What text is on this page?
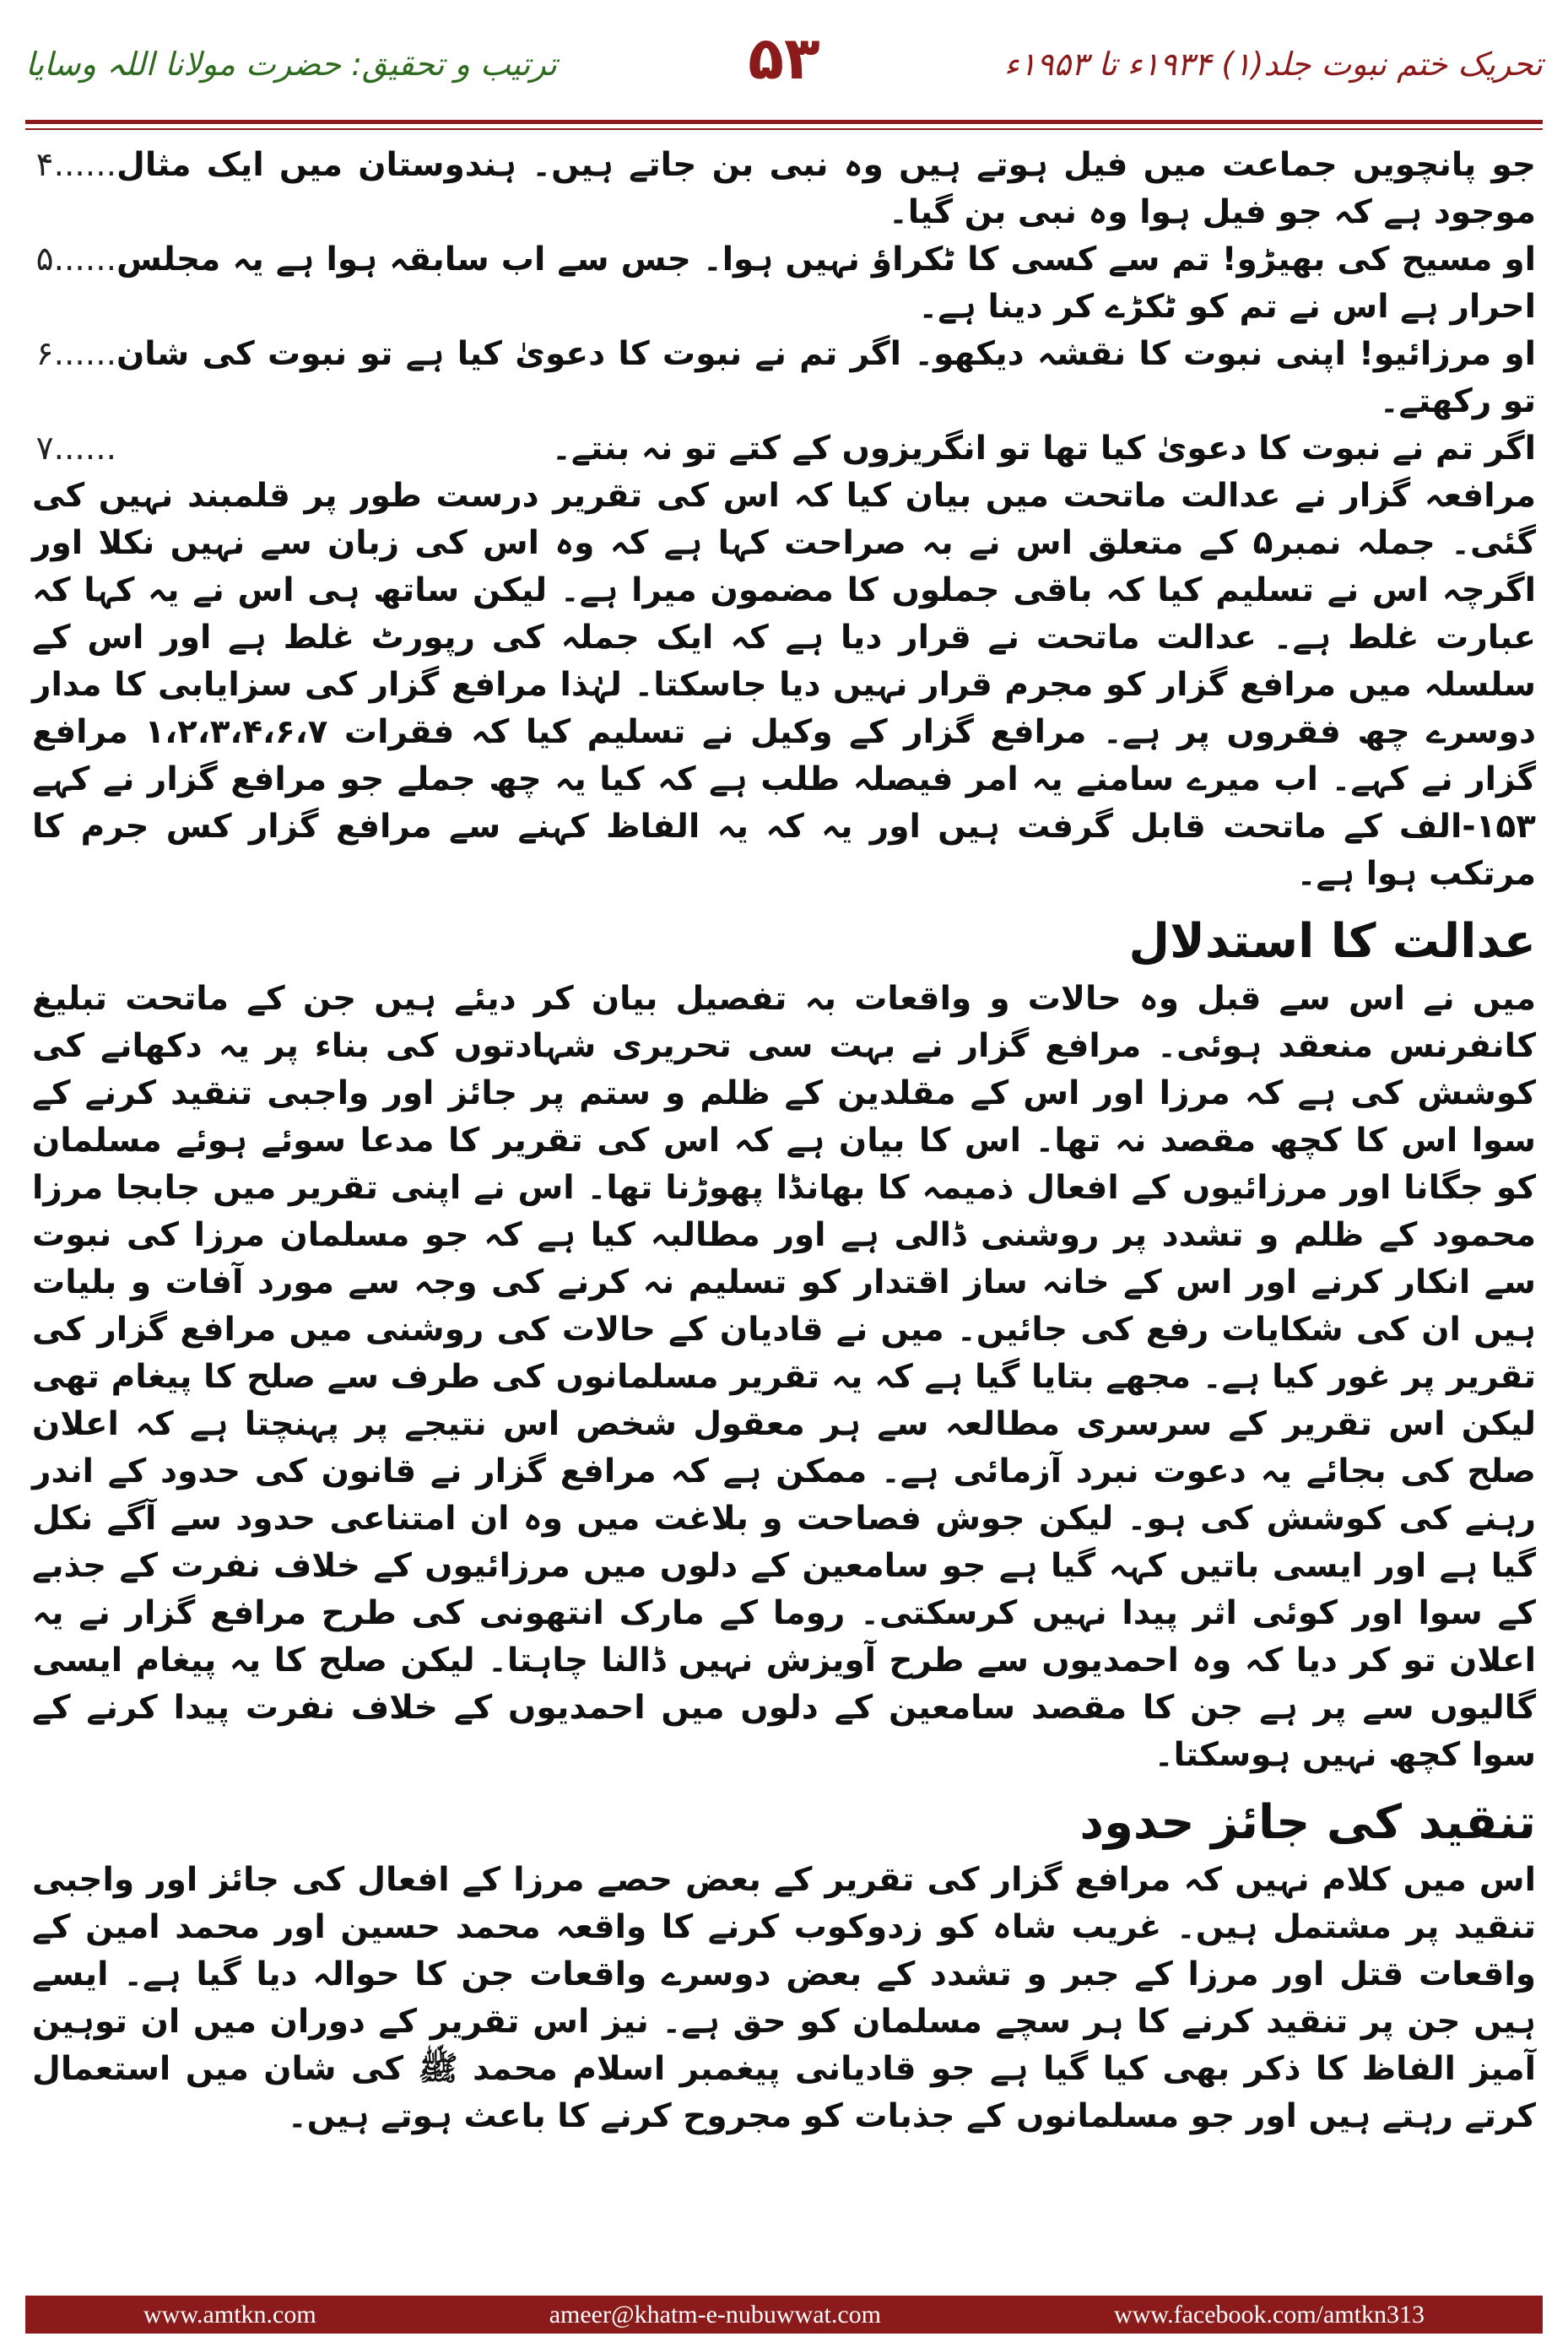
تحریک ختم نبوت جلد(۱) ۱۹۳۴ء تا ۱۹۵۳ء
۵۳
ترتیب و تحقیق: حضرت مولانا اللہ وسایا
جو پانچویں جماعت میں فیل ہوتے ہیں وہ نبی بن جاتے ہیں۔ ہندوستان میں ایک مثال موجود ہے کہ جو فیل ہوا وہ نبی بن گیا۔
۴......
او مسیح کی بھیڑو! تم سے کسی کا ٹکراؤ نہیں ہوا۔ جس سے اب سابقہ ہوا ہے یہ مجلس احرار ہے اس نے تم کو ٹکڑے کر دینا ہے۔
۵......
او مرزائیو! اپنی نبوت کا نقشہ دیکھو۔ اگر تم نے نبوت کا دعویٰ کیا ہے تو نبوت کی شان تو رکھتے۔
۶......
اگر تم نے نبوت کا دعویٰ کیا تھا تو انگریزوں کے کتے تو نہ بنتے۔
۷......

مرافعہ گزار نے عدالت ماتحت میں بیان کیا کہ اس کی تقریر درست طور پر قلمبند نہیں کی گئی۔ جملہ نمبر۵ کے متعلق اس نے بہ صراحت کہا ہے کہ وہ اس کی زبان سے نہیں نکلا اور اگرچہ اس نے تسلیم کیا کہ باقی جملوں کا مضمون میرا ہے۔ لیکن ساتھ ہی اس نے یہ کہا کہ عبارت غلط ہے۔ عدالت ماتحت نے قرار دیا ہے کہ ایک جملہ کی رپورٹ غلط ہے اور اس کے سلسلہ میں مرافع گزار کو مجرم قرار نہیں دیا جاسکتا۔ لہٰذا مرافع گزار کی سزایابی کا مدار دوسرے چھ فقروں پر ہے۔ مرافع گزار کے وکیل نے تسلیم کیا کہ فقرات ۱،۲،۳،۴،۶،۷ مرافع گزار نے کہے۔ اب میرے سامنے یہ امر فیصلہ طلب ہے کہ کیا یہ چھ جملے جو مرافع گزار نے کہے ۱۵۳-الف کے ماتحت قابل گرفت ہیں اور یہ کہ یہ الفاظ کہنے سے مرافع گزار کس جرم کا مرتکب ہوا ہے۔

عدالت کا استدلال

میں نے اس سے قبل وہ حالات و واقعات بہ تفصیل بیان کر دیئے ہیں جن کے ماتحت تبلیغ کانفرنس منعقد ہوئی۔ مرافع گزار نے بہت سی تحریری شہادتوں کی بناء پر یہ دکھانے کی کوشش کی ہے کہ مرزا اور اس کے مقلدین کے ظلم و ستم پر جائز اور واجبی تنقید کرنے کے سوا اس کا کچھ مقصد نہ تھا۔ اس کا بیان ہے کہ اس کی تقریر کا مدعا سوئے ہوئے مسلمان کو جگانا اور مرزائیوں کے افعال ذمیمہ کا بھانڈا پھوڑنا تھا۔ اس نے اپنی تقریر میں جابجا مرزا محمود کے ظلم و تشدد پر روشنی ڈالی ہے اور مطالبہ کیا ہے کہ جو مسلمان مرزا کی نبوت سے انکار کرنے اور اس کے خانہ ساز اقتدار کو تسلیم نہ کرنے کی وجہ سے مورد آفات و بلیات ہیں ان کی شکایات رفع کی جائیں۔ میں نے قادیان کے حالات کی روشنی میں مرافع گزار کی تقریر پر غور کیا ہے۔ مجھے بتایا گیا ہے کہ یہ تقریر مسلمانوں کی طرف سے صلح کا پیغام تھی لیکن اس تقریر کے سرسری مطالعہ سے ہر معقول شخص اس نتیجے پر پہنچتا ہے کہ اعلان صلح کی بجائے یہ دعوت نبرد آزمائی ہے۔ ممکن ہے کہ مرافع گزار نے قانون کی حدود کے اندر رہنے کی کوشش کی ہو۔ لیکن جوش فصاحت و بلاغت میں وہ ان امتناعی حدود سے آگے نکل گیا ہے اور ایسی باتیں کہہ گیا ہے جو سامعین کے دلوں میں مرزائیوں کے خلاف نفرت کے جذبے کے سوا اور کوئی اثر پیدا نہیں کرسکتی۔ روما کے مارک انتھونی کی طرح مرافع گزار نے یہ اعلان تو کر دیا کہ وہ احمدیوں سے طرح آویزش نہیں ڈالنا چاہتا۔ لیکن صلح کا یہ پیغام ایسی گالیوں سے پر ہے جن کا مقصد سامعین کے دلوں میں احمدیوں کے خلاف نفرت پیدا کرنے کے سوا کچھ نہیں ہوسکتا۔

تنقید کی جائز حدود

اس میں کلام نہیں کہ مرافع گزار کی تقریر کے بعض حصے مرزا کے افعال کی جائز اور واجبی تنقید پر مشتمل ہیں۔ غریب شاہ کو زدوکوب کرنے کا واقعہ محمد حسین اور محمد امین کے واقعات قتل اور مرزا کے جبر و تشدد کے بعض دوسرے واقعات جن کا حوالہ دیا گیا ہے۔ ایسے ہیں جن پر تنقید کرنے کا ہر سچے مسلمان کو حق ہے۔ نیز اس تقریر کے دوران میں ان توہین آمیز الفاظ کا ذکر بھی کیا گیا ہے جو قادیانی پیغمبر اسلام محمد ﷺ کی شان میں استعمال کرتے رہتے ہیں اور جو مسلمانوں کے جذبات کو مجروح کرنے کا باعث ہوتے ہیں۔

www.amtkn.com	ameer@khatm-e-nubuwwat.com	www.facebook.com/amtkn313
